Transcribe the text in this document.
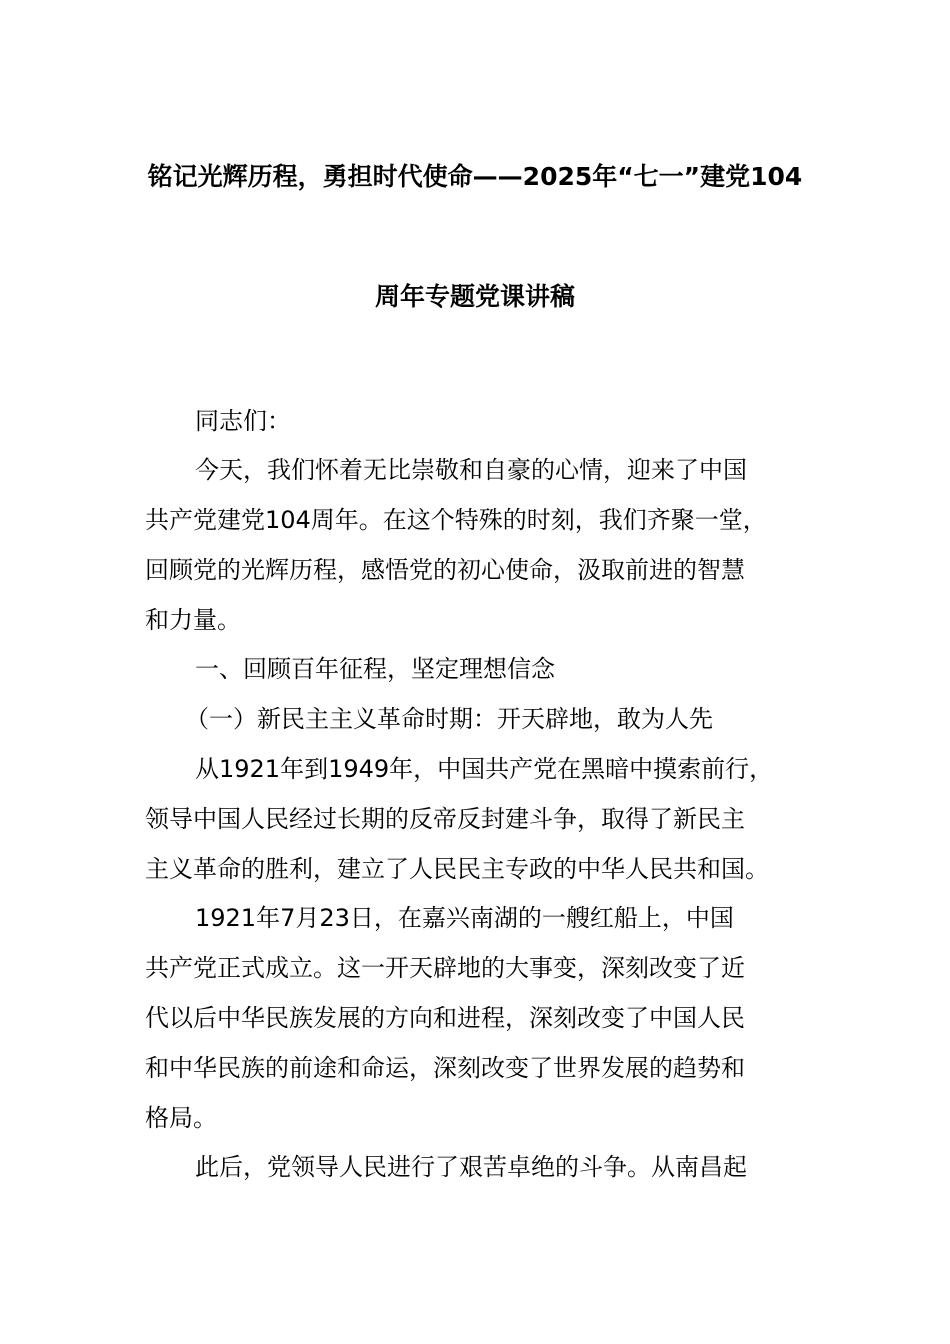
铭记光辉历程，勇担时代使命——2025年“七一”建党104
周年专题党课讲稿
同志们：
今天，我们怀着无比崇敬和自豪的心情，迎来了中国
共产党建党104周年。在这个特殊的时刻，我们齐聚一堂，
回顾党的光辉历程，感悟党的初心使命，汲取前进的智慧
和力量。
一、回顾百年征程，坚定理想信念
（一）新民主主义革命时期：开天辟地，敢为人先
从1921年到1949年，中国共产党在黑暗中摸索前行，
领导中国人民经过长期的反帝反封建斗争，取得了新民主
主义革命的胜利，建立了人民民主专政的中华人民共和国。
1921年7月23日，在嘉兴南湖的一艘红船上，中国
共产党正式成立。这一开天辟地的大事变，深刻改变了近
代以后中华民族发展的方向和进程，深刻改变了中国人民
和中华民族的前途和命运，深刻改变了世界发展的趋势和
格局。
此后，党领导人民进行了艰苦卓绝的斗争。从南昌起
